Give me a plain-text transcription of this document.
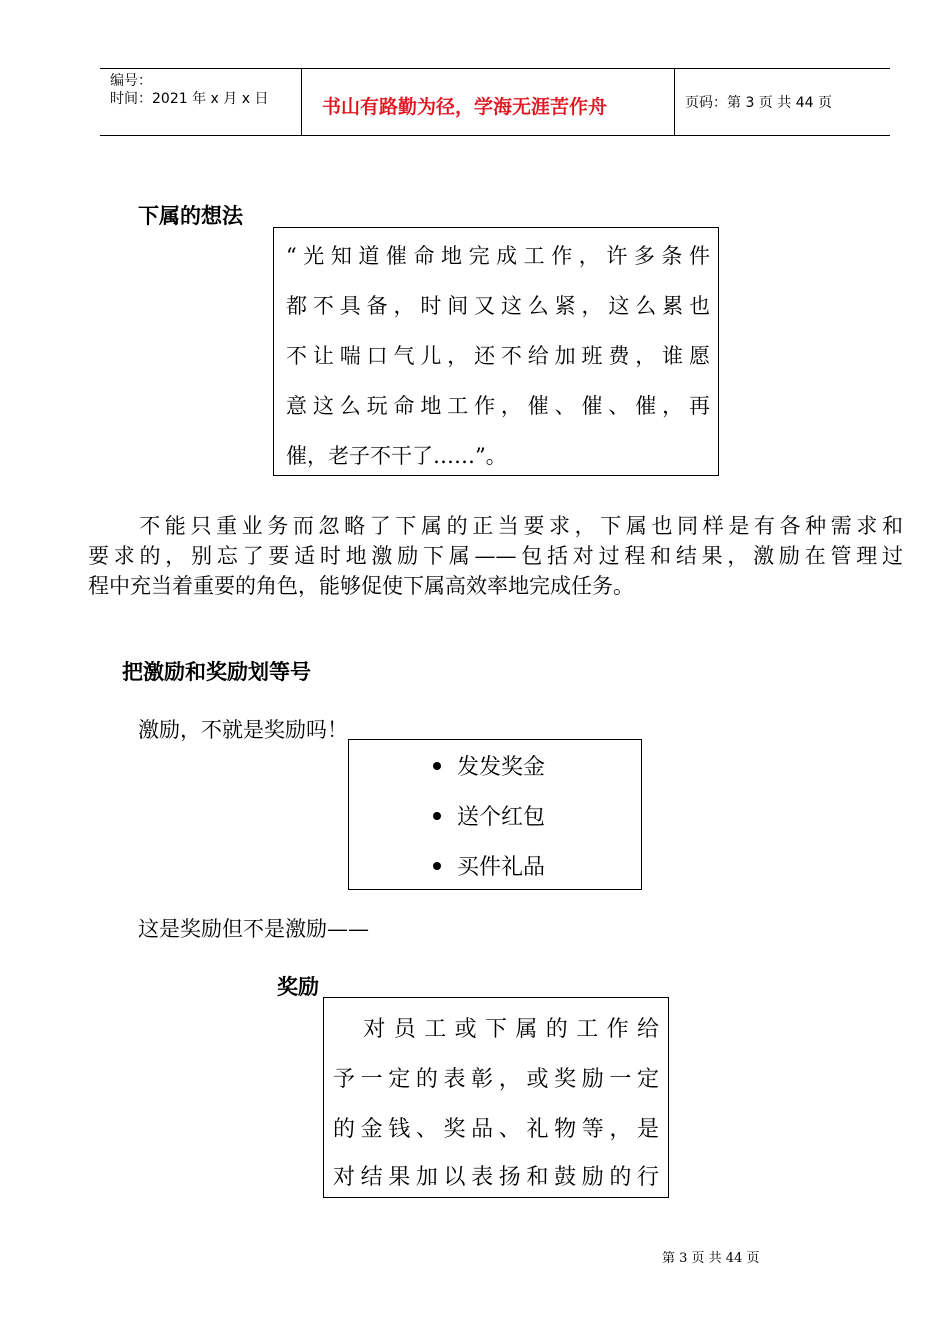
编号：
时间：2021 年 x 月 x 日	书山有路勤为径，学海无涯苦作舟	页码：第 3 页 共 44 页
下属的想法
“光知道催命地完成工作，许多条件
都不具备，时间又这么紧，这么累也
不让喘口气儿，还不给加班费，谁愿
意这么玩命地工作，催、催、催，再
催，老子不干了……”。
　　不能只重业务而忽略了下属的正当要求，下属也同样是有各种需求和
要求的，别忘了要适时地激励下属——包括对过程和结果，激励在管理过
程中充当着重要的角色，能够促使下属高效率地完成任务。
把激励和奖励划等号
激励，不就是奖励吗！
发发奖金
送个红包
买件礼品
这是奖励但不是激励——
奖励
　对员工或下属的工作给
予一定的表彰，或奖励一定
的金钱、奖品、礼物等，是
对结果加以表扬和鼓励的行
第 3 页 共 44 页
